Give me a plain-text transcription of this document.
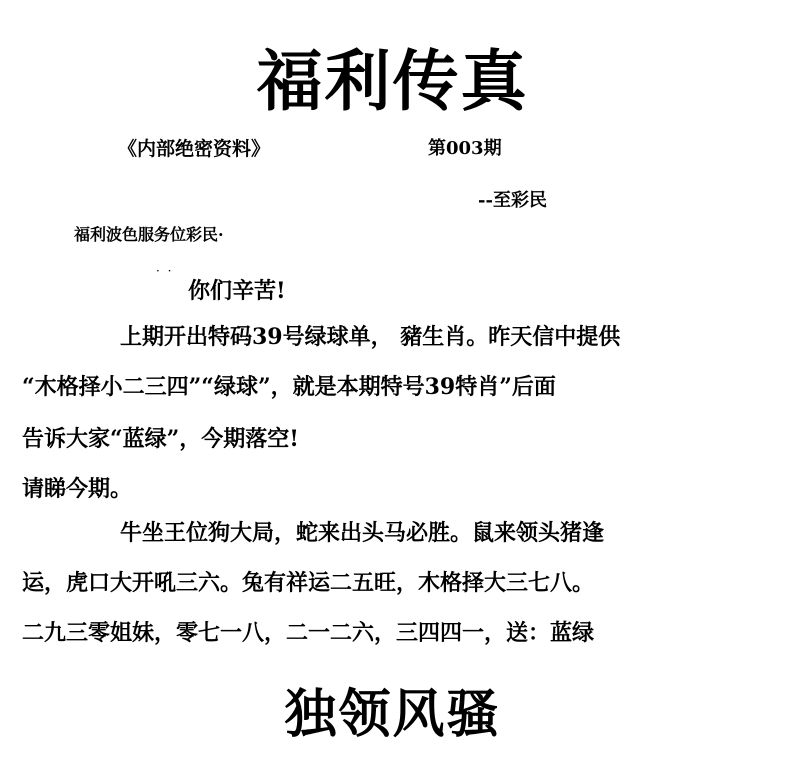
福利传真
《内部绝密资料》	第003期
--至彩民
福利波色服务位彩民·
· ·
你们辛苦!
上期开出特码39号绿球单， 豬生肖。昨天信中提供
“木格择小二三四”“绿球”，就是本期特号39特肖”后面
告诉大家“蓝绿”，今期落空!
请睇今期。
牛坐王位狗大局，蛇来出头马必胜。鼠来领头猪逢
运，虎口大开吼三六。兔有祥运二五旺，木格择大三七八。
二九三零姐妹，零七一八，二一二六，三四四一，送：蓝绿
独领风骚
